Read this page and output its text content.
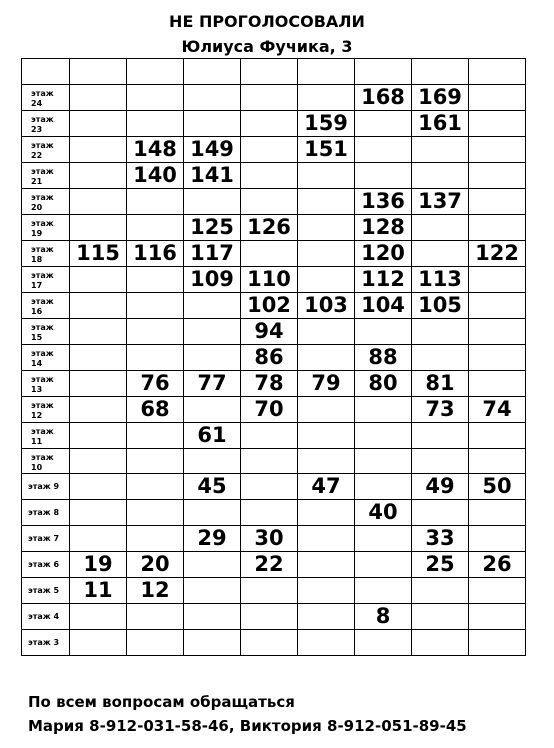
НЕ ПРОГОЛОСОВАЛИ
Юлиуса Фучика, 3

этаж
24						168	169	

этаж
23					159		161	

этаж
22		148	149		151			

этаж
21		140	141					

этаж
20						136	137	

этаж
19			125	126		128		

этаж
18	115	116	117			120		122

этаж
17			109	110		112	113	

этаж
16				102	103	104	105	

этаж
15				94				

этаж
14				86		88		

этаж
13		76	77	78	79	80	81	

этаж
12		68		70			73	74

этаж
11			61					

этаж
10								

этаж 9			45		47		49	50

этаж 8						40		

этаж 7			29	30			33	

этаж 6	19	20		22			25	26

этаж 5	11	12						

этаж 4						8		

этаж 3								

По всем вопросам обращаться
Мария 8-912-031-58-46, Виктория 8-912-051-89-45
